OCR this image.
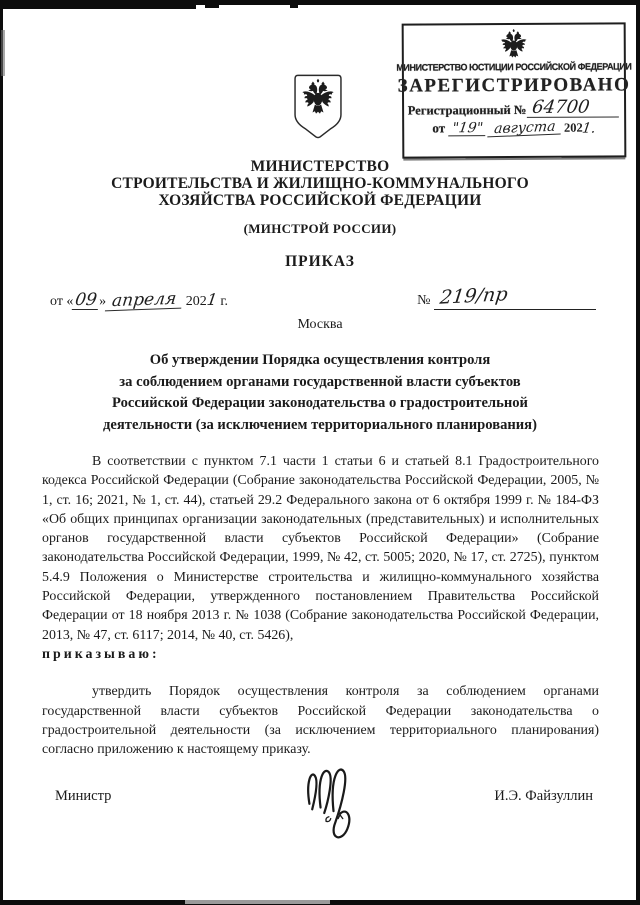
МИНИСТЕРСТВО ЮСТИЦИИ РОССИЙСКОЙ ФЕДЕРАЦИИ
ЗАРЕГИСТРИРОВАНО
Регистрационный № 64700
от "19" августа 202
1.
МИНИСТЕРСТВО
СТРОИТЕЛЬСТВА И ЖИЛИЩНО-КОММУНАЛЬНОГО
ХОЗЯЙСТВА РОССИЙСКОЙ ФЕДЕРАЦИИ
(МИНСТРОЙ РОССИИ)
ПРИКАЗ
от «09» апреля 2021 г.	№ 219/пр
Москва
Об утверждении Порядка осуществления контроля
за соблюдением органами государственной власти субъектов
Российской Федерации законодательства о градостроительной
деятельности (за исключением территориального планирования)

В соответствии с пунктом 7.1 части 1 статьи 6 и статьей 8.1 Градостроительного кодекса Российской Федерации (Собрание законодательства Российской Федерации, 2005, № 1, ст. 16; 2021, № 1, ст. 44), статьей 29.2 Федерального закона от 6 октября 1999 г. № 184-ФЗ «Об общих принципах организации законодательных (представительных) и исполнительных органов государственной власти субъектов Российской Федерации» (Собрание законодательства Российской Федерации, 1999, № 42, ст. 5005; 2020, № 17, ст. 2725), пунктом 5.4.9 Положения о Министерстве строительства и жилищно-коммунального хозяйства Российской Федерации, утвержденного постановлением Правительства Российской Федерации от 18 ноября 2013 г. № 1038 (Собрание законодательства Российской Федерации, 2013, № 47, ст. 6117; 2014, № 40, ст. 5426),

приказываю:

утвердить Порядок осуществления контроля за соблюдением органами государственной власти субъектов Российской Федерации законодательства о градостроительной деятельности (за исключением территориального планирования) согласно приложению к настоящему приказу.

Министр	И.Э. Файзуллин
